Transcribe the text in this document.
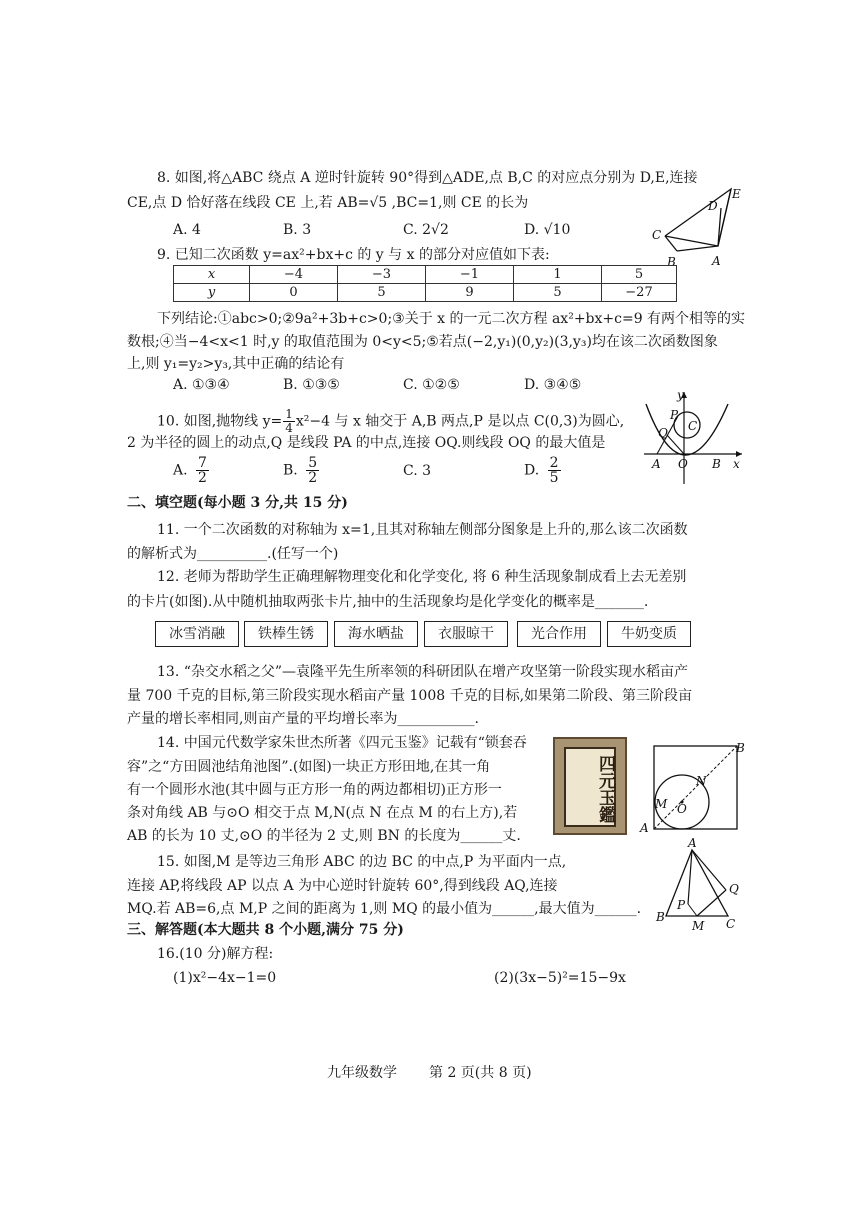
8. 如图,将△ABC 绕点 A 逆时针旋转 90°得到△ADE,点 B,C 的对应点分别为 D,E,连接
CE,点 D 恰好落在线段 CE 上,若 AB=√5 ,BC=1,则 CE 的长为
A. 4	B. 3	C. 2√2	D. √10
E
D
C
B	A
9. 已知二次函数 y=ax²+bx+c 的 y 与 x 的部分对应值如下表:
x	−4	−3	−1	1	5
y	0	5	9	5	−27
下列结论:①abc>0;②9a²+3b+c>0;③关于 x 的一元二次方程 ax²+bx+c=9 有两个相等的实
数根;④当−4<x<1 时,y 的取值范围为 0<y<5;⑤若点(−2,y₁)(0,y₂)(3,y₃)均在该二次函数图象
上,则 y₁=y₂>y₃,其中正确的结论有
A. ①③④	B. ①③⑤	C. ①②⑤	D. ③④⑤
10. 如图,抛物线 $y= \frac{1}{4} x^2-4$ 与 x 轴交于 A,B 两点,P 是以点 C(0,3)为圆心,
2 为半径的圆上的动点,Q 是线段 PA 的中点,连接 OQ.则线段 OQ 的最大值是
A. $\frac{7}{2}$	B. $\frac{5}{2}$	C. 3	D. $\frac{2}{5}$
y
P
Q C
A O B x
二、填空题(每小题 3 分,共 15 分)
11. 一个二次函数的对称轴为 x=1,且其对称轴左侧部分图象是上升的,那么该二次函数
的解析式为__________.(任写一个)
12. 老师为帮助学生正确理解物理变化和化学变化, 将 6 种生活现象制成看上去无差别
的卡片(如图).从中随机抽取两张卡片,抽中的生活现象均是化学变化的概率是_______.
冰雪消融	铁棒生锈	海水晒盐	衣服晾干	光合作用	牛奶变质
13. “杂交水稻之父”—袁隆平先生所率领的科研团队在增产攻坚第一阶段实现水稻亩产
量 700 千克的目标,第三阶段实现水稻亩产量 1008 千克的目标,如果第二阶段、第三阶段亩
产量的增长率相同,则亩产量的平均增长率为___________.
14. 中国元代数学家朱世杰所著《四元玉鉴》记载有“锁套吞
容”之“方田圆池结角池图”.(如图)一块正方形田地,在其一角
有一个圆形水池(其中圆与正方形一角的两边都相切)正方形一
条对角线 AB 与⊙O 相交于点 M,N(点 N 在点 M 的右上方),若
AB 的长为 10 丈,⊙O 的半径为 2 丈,则 BN 的长度为______丈.
四元玉鑑
B
N
M O
A
15. 如图,M 是等边三角形 ABC 的边 BC 的中点,P 为平面内一点,
连接 AP,将线段 AP 以点 A 为中心逆时针旋转 60°,得到线段 AQ,连接
MQ.若 AB=6,点 M,P 之间的距离为 1,则 MQ 的最小值为______,最大值为______.
A
Q
P
B
M C
三、解答题(本大题共 8 个小题,满分 75 分)
16.(10 分)解方程:
(1)x²−4x−1=0	(2)(3x−5)²=15−9x
九年级数学 第 2 页(共 8 页)
